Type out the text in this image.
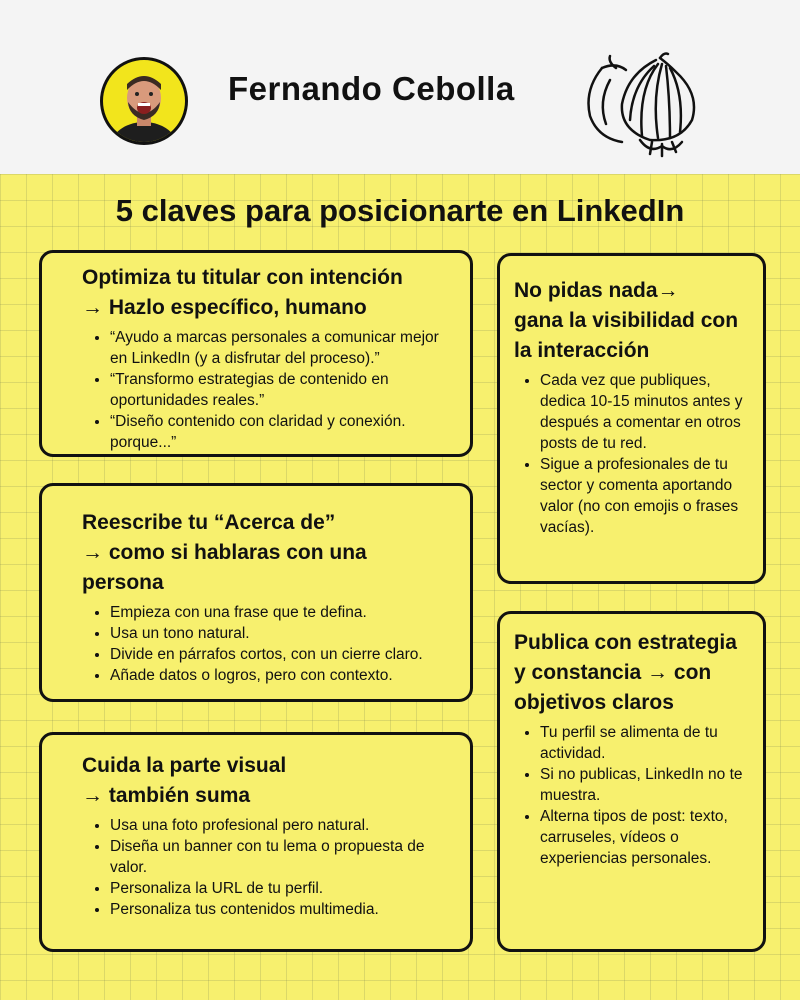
Fernando Cebolla
5 claves para posicionarte en LinkedIn
Optimiza tu titular con intención
→ Hazlo específico, humano
• “Ayudo a marcas personales a comunicar mejor en LinkedIn (y a disfrutar del proceso).”
• “Transformo estrategias de contenido en oportunidades reales.”
• “Diseño contenido con claridad y conexión. porque...”
Reescribe tu “Acerca de”
→ como si hablaras con una persona
• Empieza con una frase que te defina.
• Usa un tono natural.
• Divide en párrafos cortos, con un cierre claro.
• Añade datos o logros, pero con contexto.
Cuida la parte visual
→ también suma
• Usa una foto profesional pero natural.
• Diseña un banner con tu lema o propuesta de valor.
• Personaliza la URL de tu perfil.
• Personaliza tus contenidos multimedia.
No pidas nada→
gana la visibilidad con la interacción
• Cada vez que publiques, dedica 10-15 minutos antes y después a comentar en otros posts de tu red.
• Sigue a profesionales de tu sector y comenta aportando valor (no con emojis o frases vacías).
Publica con estrategia y constancia → con objetivos claros
• Tu perfil se alimenta de tu actividad.
• Si no publicas, LinkedIn no te muestra.
• Alterna tipos de post: texto, carruseles, vídeos o experiencias personales.
